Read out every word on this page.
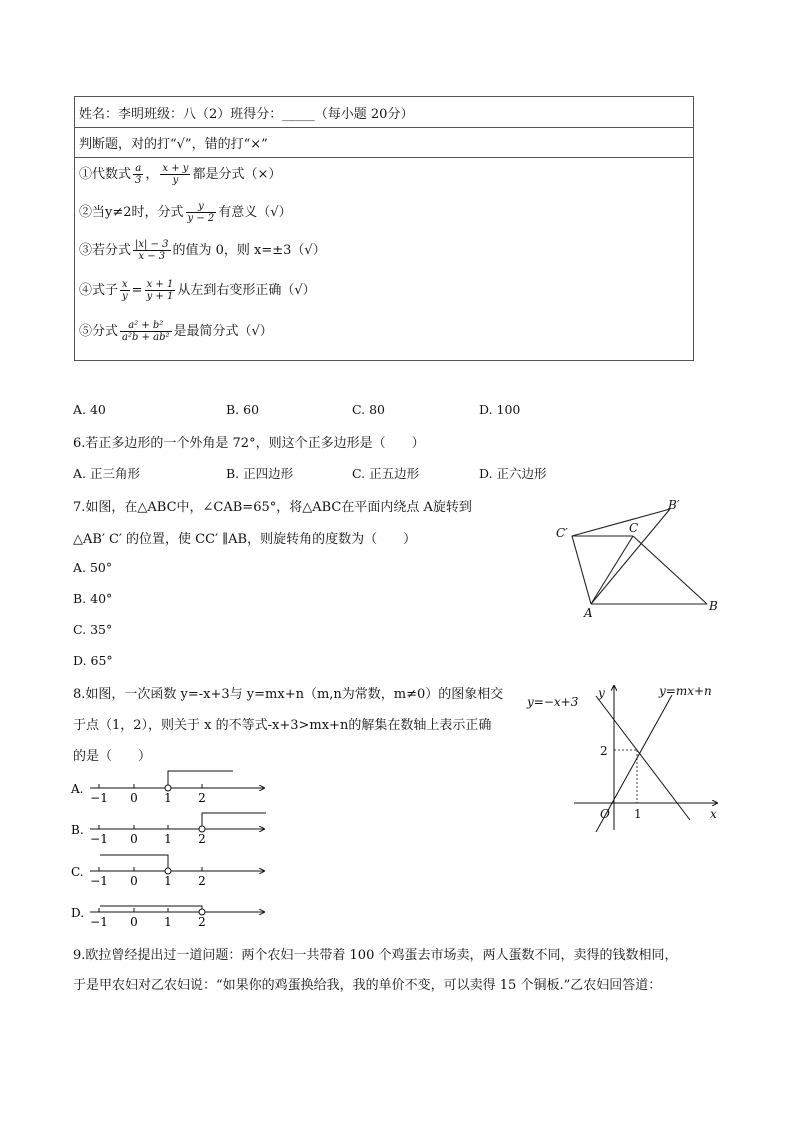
姓名：李明班级：八（2）班得分：_____（每小题 20分）
判断题，对的打“√”，错的打“×”
①代数式 $\frac{a}{3}$ ， $\frac{x + y}{y}$ 都是分式（×）
②当y≠2时，分式 $\frac{y}{y - 2}$ 有意义（√）
③若分式 $\frac{|x| - 3}{x - 3}$ 的值为 0，则 x=±3（√）
④式子 $\frac{x}{y} = \frac{x + 1}{y + 1}$ 从左到右变形正确（√）
⑤分式 $\frac{\text{a² + b²}}{\text{a²b + ab²}}$ 是最简分式（√）
A. 40	B. 60	C. 80	D. 100
6.若正多边形的一个外角是 72°，则这个正多边形是（　　）
A. 正三角形	B. 正四边形	C. 正五边形	D. 正六边形
7.如图，在△ABC中，∠CAB=65°，将△ABC在平面内绕点 A旋转到
△AB′ C′ 的位置，使 CC′ ∥AB，则旋转角的度数为（　　）
A. 50°
B. 40°
C. 35°
D. 65°
A	B
C
C′
B′
8.如图，一次函数 y=-x+3与 y=mx+n（m,n为常数，m≠0）的图象相交
于点（1，2），则关于 x 的不等式-x+3>mx+n的解集在数轴上表示正确
的是（　　）
A.
−1 0 1 2
B.
−1 0 1 2
C.
−1 0 1 2
D.
−1 0 1 2
y=−x+3
y=mx+n
y
x
O 1
2
9.欧拉曾经提出过一道问题：两个农妇一共带着 100 个鸡蛋去市场卖，两人蛋数不同，卖得的钱数相同，
于是甲农妇对乙农妇说：“如果你的鸡蛋换给我，我的单价不变，可以卖得 15 个铜板.”乙农妇回答道：
